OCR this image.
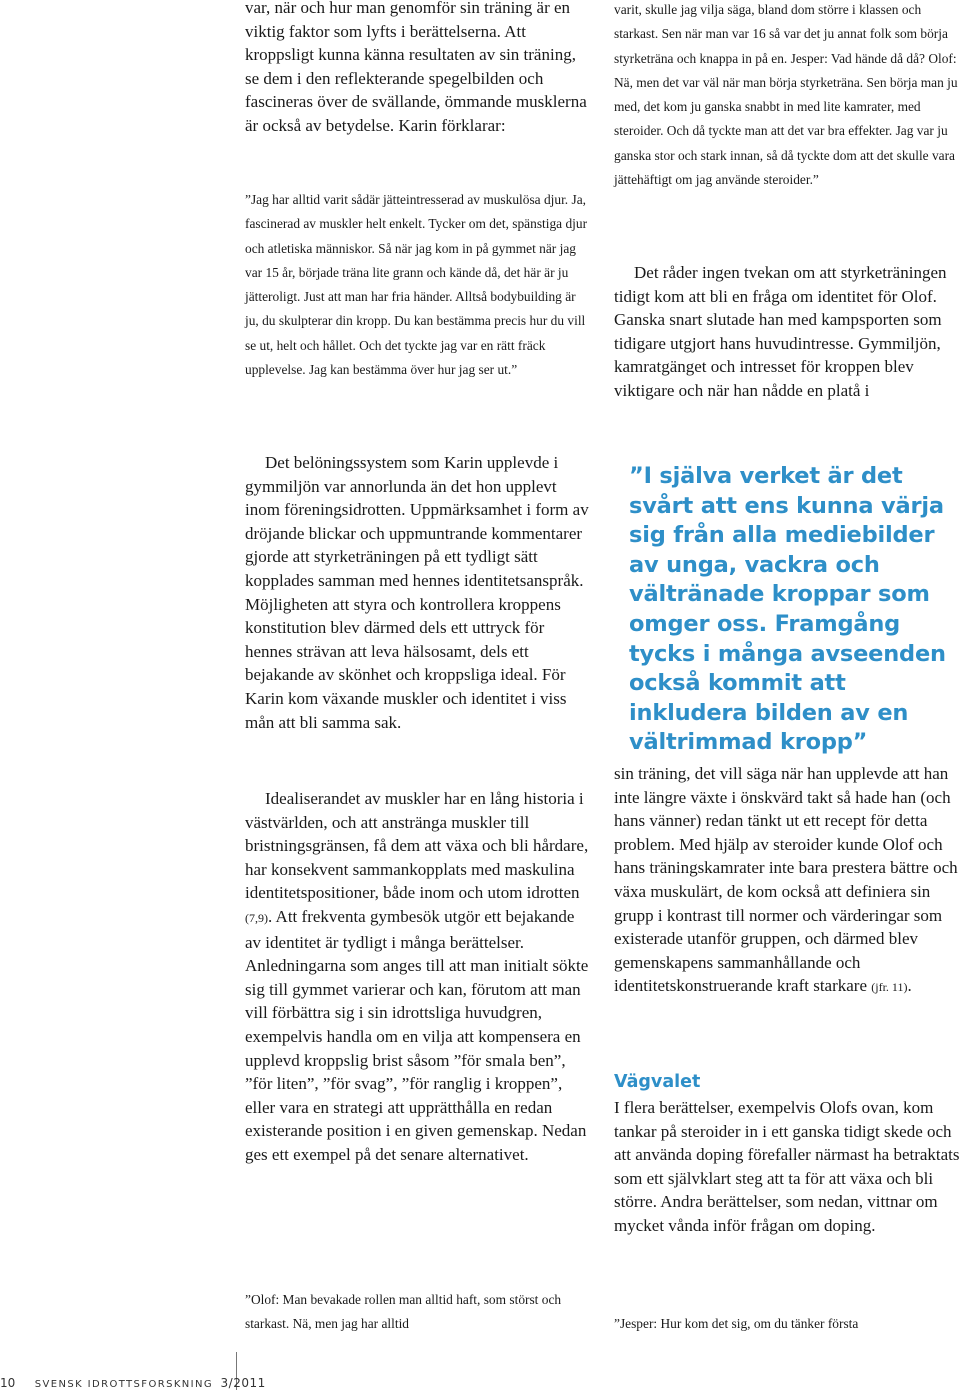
var, när och hur man genomför sin träning är en viktig faktor som lyfts i berättelserna. Att kroppsligt kunna känna resultaten av sin träning, se dem i den reflekterande spegelbilden och fascineras över de svällande, ömmande musklerna är också av betydelse. Karin förklarar:

”Jag har alltid varit sådär jätteintresserad av muskulösa djur. Ja, fascinerad av muskler helt enkelt. Tycker om det, spänstiga djur och atletiska människor. Så när jag kom in på gymmet när jag var 15 år, började träna lite grann och kände då, det här är ju jätteroligt. Just att man har fria händer. Alltså bodybuilding är ju, du skulpterar din kropp. Du kan bestämma precis hur du vill se ut, helt och hållet. Och det tyckte jag var en rätt fräck upplevelse. Jag kan bestämma över hur jag ser ut.”

Det belöningssystem som Karin upplevde i gymmiljön var annorlunda än det hon upplevt inom föreningsidrotten. Uppmärksamhet i form av dröjande blickar och uppmuntrande kommentarer gjorde att styrketräningen på ett tydligt sätt kopplades samman med hennes identitetsanspråk. Möjligheten att styra och kontrollera kroppens konstitution blev därmed dels ett uttryck för hennes strävan att leva hälsosamt, dels ett bejakande av skönhet och kroppsliga ideal. För Karin kom växande muskler och identitet i viss mån att bli samma sak.

Idealiserandet av muskler har en lång historia i västvärlden, och att anstränga muskler till bristningsgränsen, få dem att växa och bli hårdare, har konsekvent sammankopplats med maskulina identitetspositioner, både inom och utom idrotten (7,9). Att frekventa gymbesök utgör ett bejakande av identitet är tydligt i många berättelser. Anledningarna som anges till att man initialt sökte sig till gymmet varierar och kan, förutom att man vill förbättra sig i sin idrottsliga huvudgren, exempelvis handla om en vilja att kompensera en upplevd kroppslig brist såsom ”för smala ben”, ”för liten”, ”för svag”, ”för ranglig i kroppen”, eller vara en strategi att upprätthålla en redan existerande position i en given gemenskap. Nedan ges ett exempel på det senare alternativet.

”Olof: Man bevakade rollen man alltid haft, som störst och starkast. Nä, men jag har alltid

varit, skulle jag vilja säga, bland dom större i klassen och starkast. Sen när man var 16 så var det ju annat folk som börja styrketräna och knappa in på en. Jesper: Vad hände då då? Olof: Nä, men det var väl när man börja styrketräna. Sen börja man ju med, det kom ju ganska snabbt in med lite kamrater, med steroider. Och då tyckte man att det var bra effekter. Jag var ju ganska stor och stark innan, så då tyckte dom att det skulle vara jättehäftigt om jag använde steroider.”

Det råder ingen tvekan om att styrketräningen tidigt kom att bli en fråga om identitet för Olof. Ganska snart slutade han med kampsporten som tidigare utgjort hans huvudintresse. Gymmiljön, kamratgänget och intresset för kroppen blev viktigare och när han nådde en platå i

”I själva verket är det svårt att ens kunna värja sig från alla mediebilder av unga, vackra och vältränade kroppar som omger oss. Framgång tycks i många avseenden också kommit att inkludera bilden av en vältrimmad kropp”

sin träning, det vill säga när han upplevde att han inte längre växte i önskvärd takt så hade han (och hans vänner) redan tänkt ut ett recept för detta problem. Med hjälp av steroider kunde Olof och hans träningskamrater inte bara prestera bättre och växa muskulärt, de kom också att definiera sin grupp i kontrast till normer och värderingar som existerade utanför gruppen, och därmed blev gemenskapens sammanhållande och identitetskonstruerande kraft starkare (jfr. 11).

Vägvalet

I flera berättelser, exempelvis Olofs ovan, kom tankar på steroider in i ett ganska tidigt skede och att använda doping förefaller närmast ha betraktats som ett självklart steg att ta för att växa och bli större. Andra berättelser, som nedan, vittnar om mycket vånda inför frågan om doping.

”Jesper: Hur kom det sig, om du tänker första

10 SVENSK IDROTTSFORSKNING 3/2011
